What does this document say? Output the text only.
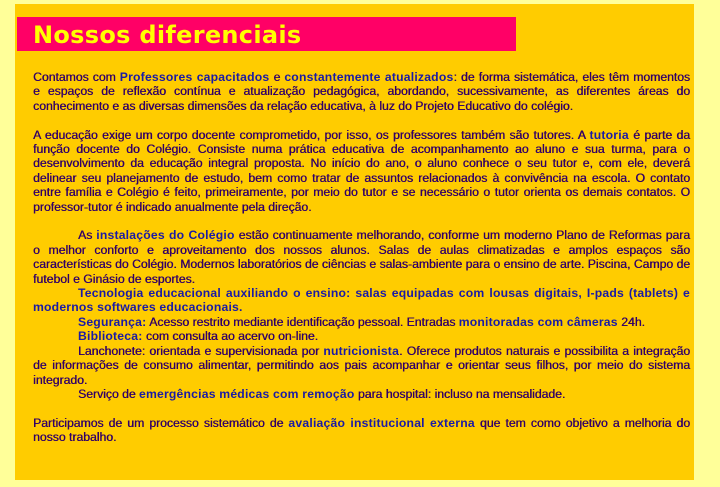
Nossos diferenciais

Contamos com Professores capacitados e constantemente atualizados: de forma sistemática, eles têm momentos e espaços de reflexão contínua e atualização pedagógica, abordando, sucessivamente, as diferentes áreas do conhecimento e as diversas dimensões da relação educativa, à luz do Projeto Educativo do colégio.

A educação exige um corpo docente comprometido, por isso, os professores também são tutores. A tutoria é parte da função docente do Colégio. Consiste numa prática educativa de acompanhamento ao aluno e sua turma, para o desenvolvimento da educação integral proposta. No início do ano, o aluno conhece o seu tutor e, com ele, deverá delinear seu planejamento de estudo, bem como tratar de assuntos relacionados à convivência na escola. O contato entre família e Colégio é feito, primeiramente, por meio do tutor e se necessário o tutor orienta os demais contatos. O professor-tutor é indicado anualmente pela direção.

As instalações do Colégio estão continuamente melhorando, conforme um moderno Plano de Reformas para o melhor conforto e aproveitamento dos nossos alunos. Salas de aulas climatizadas e amplos espaços são características do Colégio. Modernos laboratórios de ciências e salas-ambiente para o ensino de arte. Piscina, Campo de futebol e Ginásio de esportes.

Tecnologia educacional auxiliando o ensino: salas equipadas com lousas digitais, I-pads (tablets) e modernos softwares educacionais.

Segurança: Acesso restrito mediante identificação pessoal. Entradas monitoradas com câmeras 24h.

Biblioteca: com consulta ao acervo on-line.

Lanchonete: orientada e supervisionada por nutricionista. Oferece produtos naturais e possibilita a integração de informações de consumo alimentar, permitindo aos pais acompanhar e orientar seus filhos, por meio do sistema integrado.

Serviço de emergências médicas com remoção para hospital: incluso na mensalidade.

Participamos de um processo sistemático de avaliação institucional externa que tem como objetivo a melhoria do nosso trabalho.
